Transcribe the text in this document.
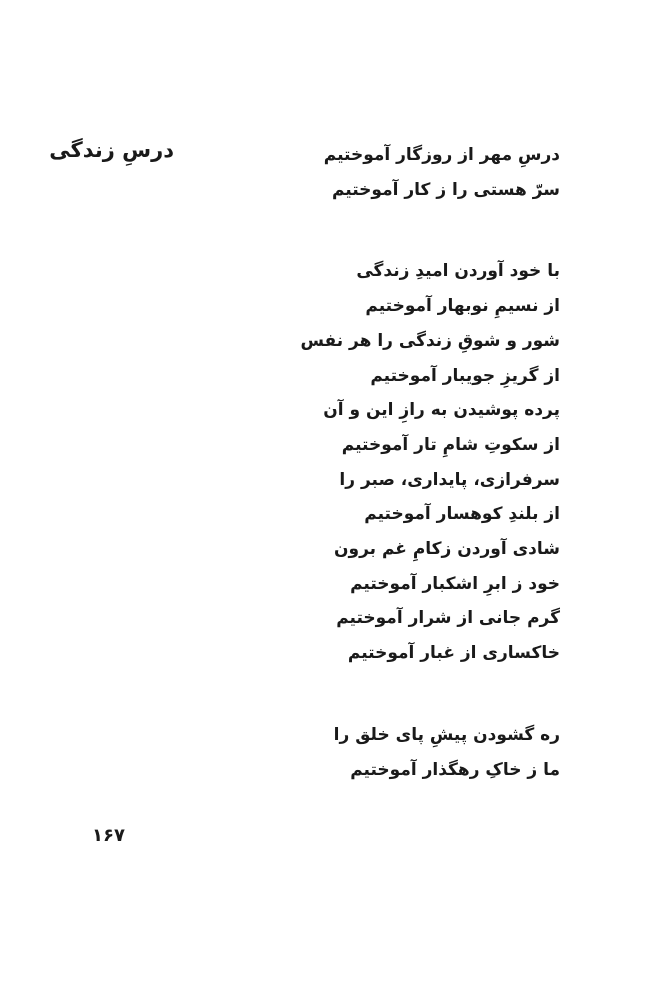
درسِ زندگی	درسِ مهر از روزگار آموختیم
سرّ هستی را ز کار آموختیم
با خود آوردن امیدِ زندگی
از نسیمِ نوبهار آموختیم
شور و شوقِ زندگی را هر نفس
از گریزِ جویبار آموختیم
پرده پوشیدن به رازِ این و آن
از سکوتِ شامِ تار آموختیم
سرفرازی، پایداری، صبر را
از بلندِ کوهسار آموختیم
شادی آوردن زکامِ غم برون
خود ز ابرِ اشکبار آموختیم
گرم جانی از شرار آموختیم
خاکساری از غبار آموختیم
ره گشودن پیشِ پای خلق را
ما ز خاکِ رهگذار آموختیم
۱۶۷
